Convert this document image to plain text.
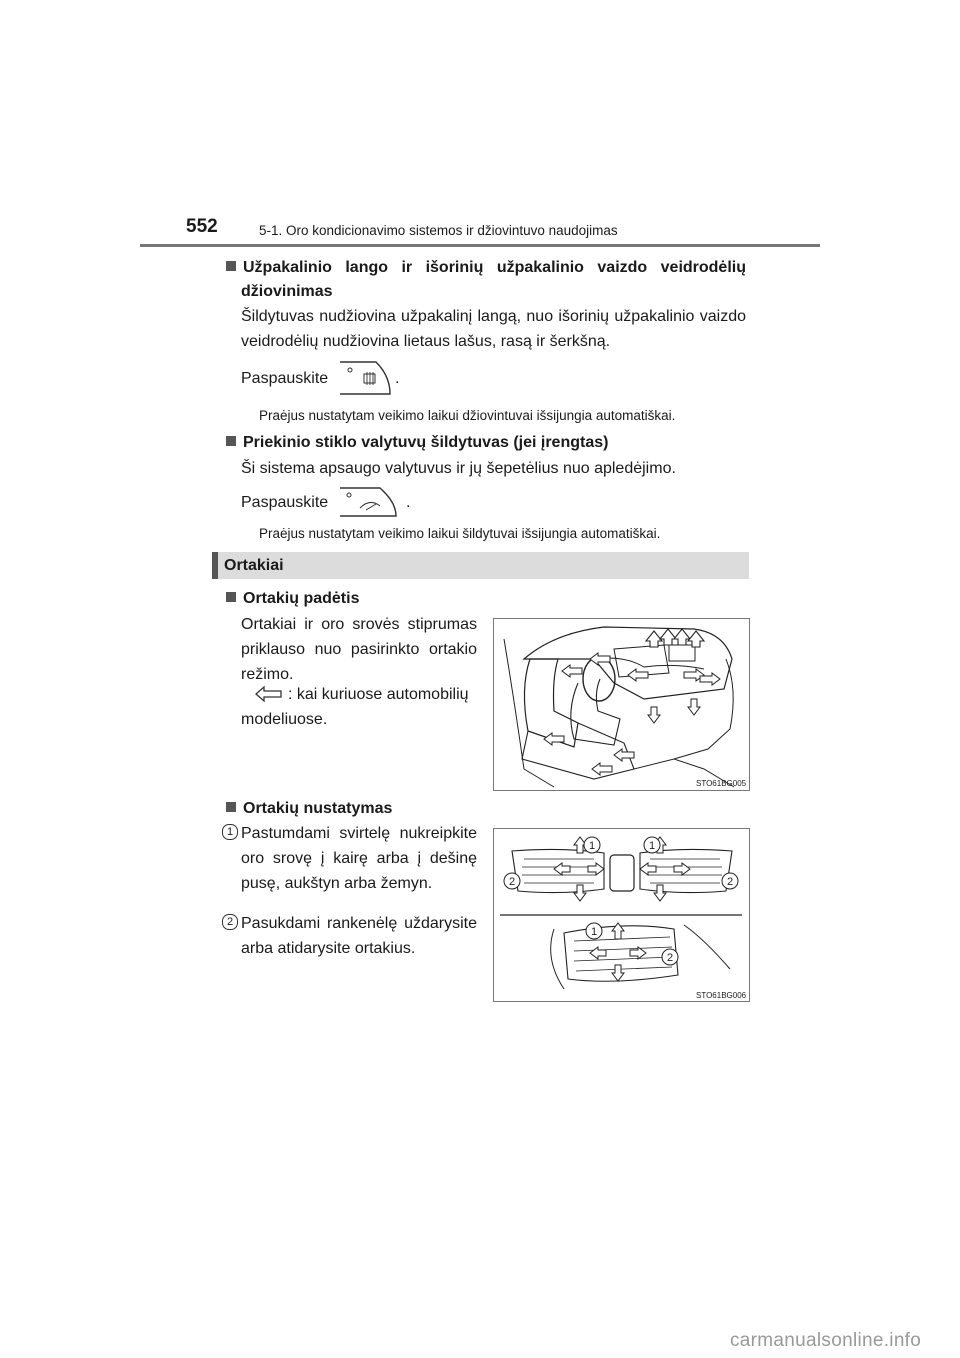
552	5-1. Oro kondicionavimo sistemos ir džiovintuvo naudojimas
Užpakalinio lango ir išorinių užpakalinio vaizdo veidrodėlių
džiovinimas
Šildytuvas nudžiovina užpakalinį langą, nuo išorinių užpakalinio vaizdo veidrodėlių nudžiovina lietaus lašus, rasą ir šerkšną.
Paspauskite	.
Praėjus nustatytam veikimo laikui džiovintuvai išsijungia automatiškai.
Priekinio stiklo valytuvų šildytuvas (jei įrengtas)
Ši sistema apsaugo valytuvus ir jų šepetėlius nuo apledėjimo.
Paspauskite	.
Praėjus nustatytam veikimo laikui šildytuvai išsijungia automatiškai.
Ortakiai
Ortakių padėtis
Ortakiai ir oro srovės stiprumas priklauso nuo pasirinkto ortakio režimo.
: kai kuriuose automobilių
modeliuose.
STO61BG005
Ortakių nustatymas
1 Pastumdami svirtelę nukreipkite oro srovę į kairę arba į dešinę pusę, aukštyn arba žemyn.
2 Pasukdami rankenėlę uždarysite arba atidarysite ortakius.
1	1
2	2
1
2
STO61BG006
carmanualsonline.info
